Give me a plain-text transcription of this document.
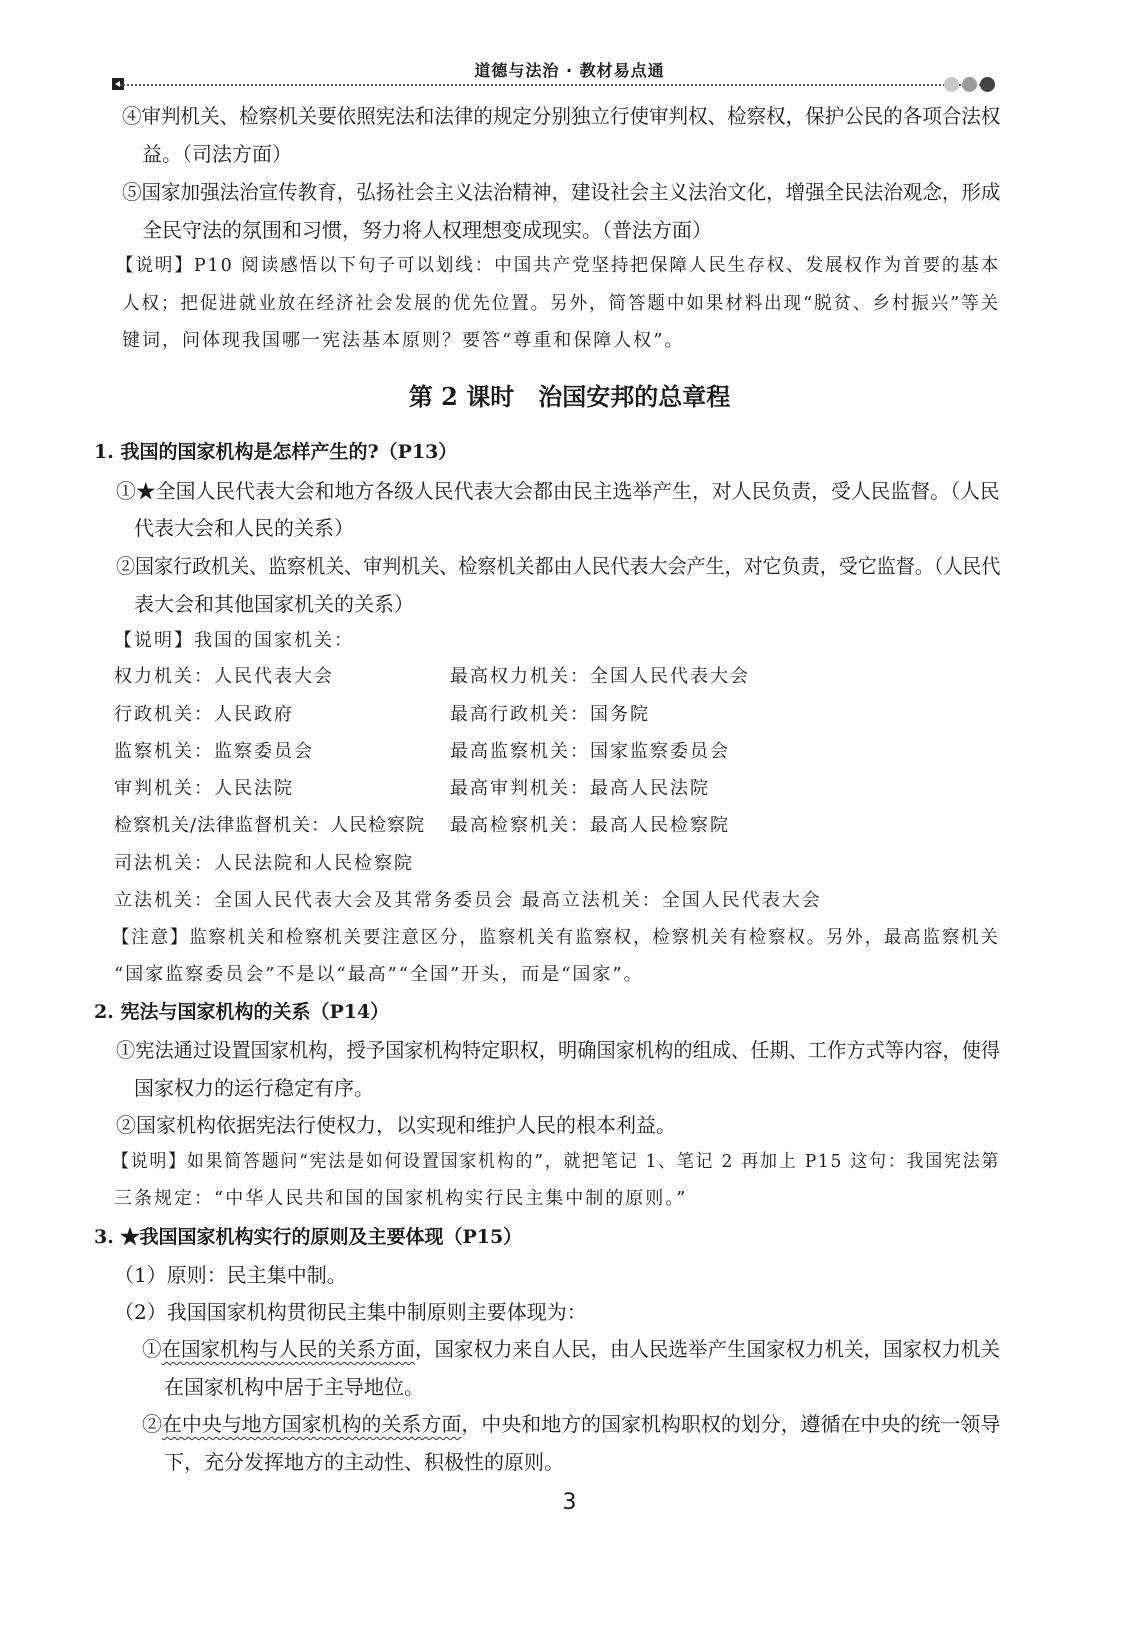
道德与法治 · 教材易点通
④审判机关、检察机关要依照宪法和法律的规定分别独立行使审判权、检察权，保护公民的各项合法权
益。（司法方面）
⑤国家加强法治宣传教育，弘扬社会主义法治精神，建设社会主义法治文化，增强全民法治观念，形成
全民守法的氛围和习惯，努力将人权理想变成现实。（普法方面）
【说明】P10 阅读感悟以下句子可以划线：中国共产党坚持把保障人民生存权、发展权作为首要的基本
人权；把促进就业放在经济社会发展的优先位置。另外，简答题中如果材料出现“脱贫、乡村振兴”等关
键词，问体现我国哪一宪法基本原则？要答“尊重和保障人权”。
第 2 课时　治国安邦的总章程
1. 我国的国家机构是怎样产生的?（P13）
①★全国人民代表大会和地方各级人民代表大会都由民主选举产生，对人民负责，受人民监督。（人民
代表大会和人民的关系）
②国家行政机关、监察机关、审判机关、检察机关都由人民代表大会产生，对它负责，受它监督。（人民代
表大会和其他国家机关的关系）
【说明】我国的国家机关：
权力机关：人民代表大会	最高权力机关：全国人民代表大会
行政机关：人民政府	最高行政机关：国务院
监察机关：监察委员会	最高监察机关：国家监察委员会
审判机关：人民法院	最高审判机关：最高人民法院
检察机关/法律监督机关：人民检察院 最高检察机关：最高人民检察院
司法机关：人民法院和人民检察院
立法机关：全国人民代表大会及其常务委员会 最高立法机关：全国人民代表大会
【注意】监察机关和检察机关要注意区分，监察机关有监察权，检察机关有检察权。另外，最高监察机关
“国家监察委员会”不是以“最高”“全国”开头，而是“国家”。
2. 宪法与国家机构的关系（P14）
①宪法通过设置国家机构，授予国家机构特定职权，明确国家机构的组成、任期、工作方式等内容，使得
国家权力的运行稳定有序。
②国家机构依据宪法行使权力，以实现和维护人民的根本利益。
【说明】如果简答题问“宪法是如何设置国家机构的”，就把笔记 1、笔记 2 再加上 P15 这句：我国宪法第
三条规定：“中华人民共和国的国家机构实行民主集中制的原则。”
3. ★我国国家机构实行的原则及主要体现（P15）
（1）原则：民主集中制。
（2）我国国家机构贯彻民主集中制原则主要体现为：
①在国家机构与人民的关系方面，国家权力来自人民，由人民选举产生国家权力机关，国家权力机关
在国家机构中居于主导地位。
②在中央与地方国家机构的关系方面，中央和地方的国家机构职权的划分，遵循在中央的统一领导
下，充分发挥地方的主动性、积极性的原则。
3
